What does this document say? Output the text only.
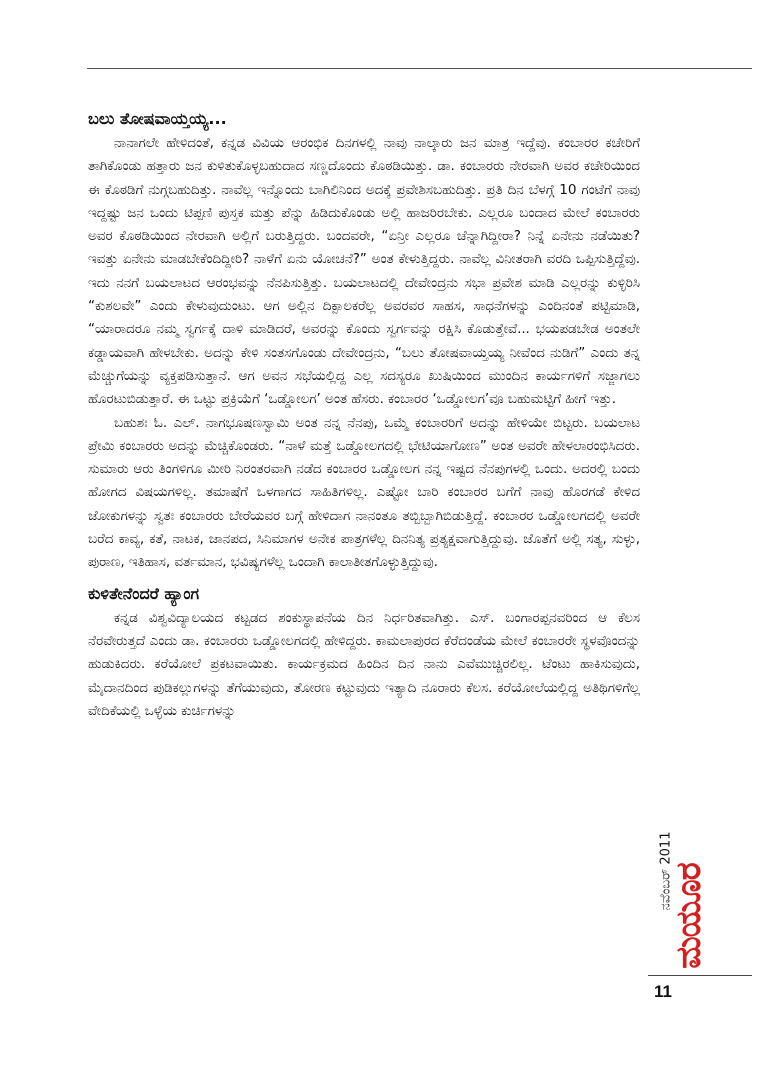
ಬಲು ತೋಷವಾಯ್ತಯ್ಯ...

ನಾನಾಗಲೇ ಹೇಳಿದಂತೆ, ಕನ್ನಡ ವಿವಿಯ ಆರಂಭಿಕ ದಿನಗಳಲ್ಲಿ ನಾವು ನಾಲ್ಕಾರು ಜನ ಮಾತ್ರ ಇದ್ದೆವು. ಕಂಬಾರರ ಕಚೇರಿಗೆ ತಾಗಿಕೊಂಡು ಹತ್ತಾರು ಜನ ಕುಳಿತುಕೊಳ್ಳಬಹುದಾದ ಸಣ್ಣದೊಂದು ಕೊಠಡಿಯಿತ್ತು. ಡಾ. ಕಂಬಾರರು ನೇರವಾಗಿ ಅವರ ಕಚೇರಿಯಿಂದ ಈ ಕೊಠಡಿಗೆ ನುಗ್ಗಬಹುದಿತ್ತು. ನಾವೆಲ್ಲ ಇನ್ನೊಂದು ಬಾಗಿಲಿನಿಂದ ಅದಕ್ಕೆ ಪ್ರವೇಶಿಸಬಹುದಿತ್ತು. ಪ್ರತಿ ದಿನ ಬೆಳಗ್ಗೆ 10 ಗಂಟೆಗೆ ನಾವು ಇದ್ದಷ್ಟು ಜನ ಒಂದು ಟಿಪ್ಪಣಿ ಪುಸ್ತಕ ಮತ್ತು ಪೆನ್ನು ಹಿಡಿದುಕೊಂಡು ಅಲ್ಲಿ ಹಾಜರಿರಬೇಕು. ಎಲ್ಲರೂ ಬಂದಾದ ಮೇಲೆ ಕಂಬಾರರು ಅವರ ಕೊಠಡಿಯಿಂದ ನೇರವಾಗಿ ಅಲ್ಲಿಗೆ ಬರುತ್ತಿದ್ದರು. ಬಂದವರೇ, “ಏನ್ರೀ ಎಲ್ಲರೂ ಚೆನ್ನಾಗಿದ್ದೀರಾ? ನಿನ್ನೆ ಏನೇನು ನಡೆಯಿತು? ಇವತ್ತು ಏನೇನು ಮಾಡಬೇಕೆಂದಿದ್ದೀರಿ? ನಾಳೆಗೆ ಏನು ಯೋಚನೆ?” ಅಂತ ಕೇಳುತ್ತಿದ್ದರು. ನಾವೆಲ್ಲ ವಿನೀತರಾಗಿ ವರದಿ ಒಪ್ಪಿಸುತ್ತಿದ್ದೆವು. ಇದು ನನಗೆ ಬಯಲಾಟದ ಆರಂಭವನ್ನು ನೆನಪಿಸುತ್ತಿತ್ತು. ಬಯಲಾಟದಲ್ಲಿ ದೇವೇಂದ್ರನು ಸಭಾ ಪ್ರವೇಶ ಮಾಡಿ ಎಲ್ಲರನ್ನು ಕುಳ್ಳಿರಿಸಿ “ಕುಶಲವೇ” ಎಂದು ಕೇಳುವುದುಂಟು. ಆಗ ಅಲ್ಲಿನ ದಿಕ್ಪಾಲಕರೆಲ್ಲ ಅವರವರ ಸಾಹಸ, ಸಾಧನೆಗಳನ್ನು ಎಂದಿನಂತೆ ಪಟ್ಟಿಮಾಡಿ, “ಯಾರಾದರೂ ನಮ್ಮ ಸ್ವರ್ಗಕ್ಕೆ ದಾಳಿ ಮಾಡಿದರೆ, ಅವರನ್ನು ಕೊಂದು ಸ್ವರ್ಗವನ್ನು ರಕ್ಷಿಸಿ ಕೊಡುತ್ತೇವೆ... ಭಯಪಡಬೇಡ ಅಂತಲೇ ಕಡ್ಡಾಯವಾಗಿ ಹೇಳಬೇಕು. ಅದನ್ನು ಕೇಳಿ ಸಂತಸಗೊಂಡು ದೇವೇಂದ್ರನು, “ಬಲು ತೋಷವಾಯ್ತಯ್ಯ ನೀವೆಂದ ನುಡಿಗೆ” ಎಂದು ತನ್ನ ಮೆಚ್ಚುಗೆಯನ್ನು ವ್ಯಕ್ತಪಡಿಸುತ್ತಾನೆ. ಆಗ ಅವನ ಸಭೆಯಲ್ಲಿದ್ದ ಎಲ್ಲ ಸದಸ್ಯರೂ ಖುಷಿಯಿಂದ ಮುಂದಿನ ಕಾರ್ಯಗಳಿಗೆ ಸಜ್ಜಾಗಲು ಹೊರಟುಬಿಡುತ್ತಾರೆ. ಈ ಒಟ್ಟು ಪ್ರಕ್ರಿಯೆಗೆ ‘ಒಡ್ಡೋಲಗ’ ಅಂತ ಹೆಸರು. ಕಂಬಾರರ ‘ಒಡ್ಡೋಲಗ’ವೂ ಬಹುಮಟ್ಟಿಗೆ ಹೀಗೆ ಇತ್ತು.

ಬಹುಶಃ ಓ. ಎಲ್. ನಾಗಭೂಷಣಸ್ವಾಮಿ ಅಂತ ನನ್ನ ನೆನಪು, ಒಮ್ಮೆ ಕಂಬಾರರಿಗೆ ಅದನ್ನು ಹೇಳಿಯೇ ಬಿಟ್ಟರು. ಬಯಲಾಟ ಪ್ರೇಮಿ ಕಂಬಾರರು ಅದನ್ನು ಮೆಚ್ಚಿಕೊಂಡರು. “ನಾಳೆ ಮತ್ತೆ ಒಡ್ಡೋಲಗದಲ್ಲಿ ಭೇಟಿಯಾಗೋಣ” ಅಂತ ಅವರೇ ಹೇಳಲಾರಂಭಿಸಿದರು. ಸುಮಾರು ಆರು ತಿಂಗಳಿಗೂ ಮೀರಿ ನಿರಂತರವಾಗಿ ನಡೆದ ಕಂಬಾರರ ಒಡ್ಡೋಲಗ ನನ್ನ ಇಷ್ಟದ ನೆನಪುಗಳಲ್ಲಿ ಒಂದು. ಅದರಲ್ಲಿ ಬಂದು ಹೋಗದ ವಿಷಯಗಳಿಲ್ಲ. ತಮಾಷೆಗೆ ಒಳಗಾಗದ ಸಾಹಿತಿಗಳಿಲ್ಲ. ಎಷ್ಟೋ ಬಾರಿ ಕಂಬಾರರ ಬಗೆಗೆ ನಾವು ಹೊರಗಡೆ ಕೇಳಿದ ಜೋಕುಗಳನ್ನು ಸ್ವತಃ ಕಂಬಾರರು ಬೇರೆಯವರ ಬಗ್ಗೆ ಹೇಳಿದಾಗ ನಾನಂತೂ ತಬ್ಬಿಬ್ಬಾಗಿಬಿಡುತ್ತಿದ್ದೆ. ಕಂಬಾರರ ಒಡ್ಡೋಲಗದಲ್ಲಿ ಅವರೇ ಬರೆದ ಕಾವ್ಯ, ಕತೆ, ನಾಟಕ, ಜಾನಪದ, ಸಿನಿಮಾಗಳ ಅನೇಕ ಪಾತ್ರಗಳೆಲ್ಲ ದಿನನಿತ್ಯ ಪ್ರತ್ಯಕ್ಷವಾಗುತ್ತಿದ್ದುವು. ಜೊತೆಗೆ ಅಲ್ಲಿ ಸತ್ಯ, ಸುಳ್ಳು, ಪುರಾಣ, ಇತಿಹಾಸ, ವರ್ತಮಾನ, ಭವಿಷ್ಯಗಳೆಲ್ಲ ಒಂದಾಗಿ ಕಾಲಾತೀತಗೊಳ್ಳುತ್ತಿದ್ದುವು.

ಕುಳಿತೇನೆಂದರೆ ಹ್ಯಾಂಗ

ಕನ್ನಡ ವಿಶ್ವವಿದ್ಯಾಲಯದ ಕಟ್ಟಡದ ಶಂಕುಸ್ಥಾಪನೆಯ ದಿನ ನಿರ್ಧರಿತವಾಗಿತ್ತು. ಎಸ್. ಬಂಗಾರಪ್ಪನವರಿಂದ ಆ ಕೆಲಸ ನೆರವೇರುತ್ತದೆ ಎಂದು ಡಾ. ಕಂಬಾರರು ಒಡ್ಡೋಲಗದಲ್ಲಿ ಹೇಳಿದ್ದರು. ಕಾಮಲಾಪುರದ ಕೆರೆದಂಡೆಯ ಮೇಲೆ ಕಂಬಾರರೇ ಸ್ಥಳವೊಂದನ್ನು ಹುಡುಕಿದರು. ಕರೆಯೋಲೆ ಪ್ರಕಟವಾಯಿತು. ಕಾರ್ಯಕ್ರಮದ ಹಿಂದಿನ ದಿನ ನಾನು ಎವೆಮುಚ್ಚಿರಲಿಲ್ಲ. ಟೆಂಟು ಹಾಕಿಸುವುದು, ಮೈದಾನದಿಂದ ಪುಡಿಕಲ್ಲುಗಳನ್ನು ತೆಗೆಯುವುದು, ತೋರಣ ಕಟ್ಟುವುದು ಇತ್ಯಾದಿ ನೂರಾರು ಕೆಲಸ. ಕರೆಯೋಲೆಯಲ್ಲಿದ್ದ ಅತಿಥಿಗಳಿಗೆಲ್ಲ ವೇದಿಕೆಯಲ್ಲಿ ಒಳ್ಳೆಯ ಕುರ್ಚಿಗಳನ್ನು

ನವೆಂಬರ್ 2011
ಮಯೂರ
11
